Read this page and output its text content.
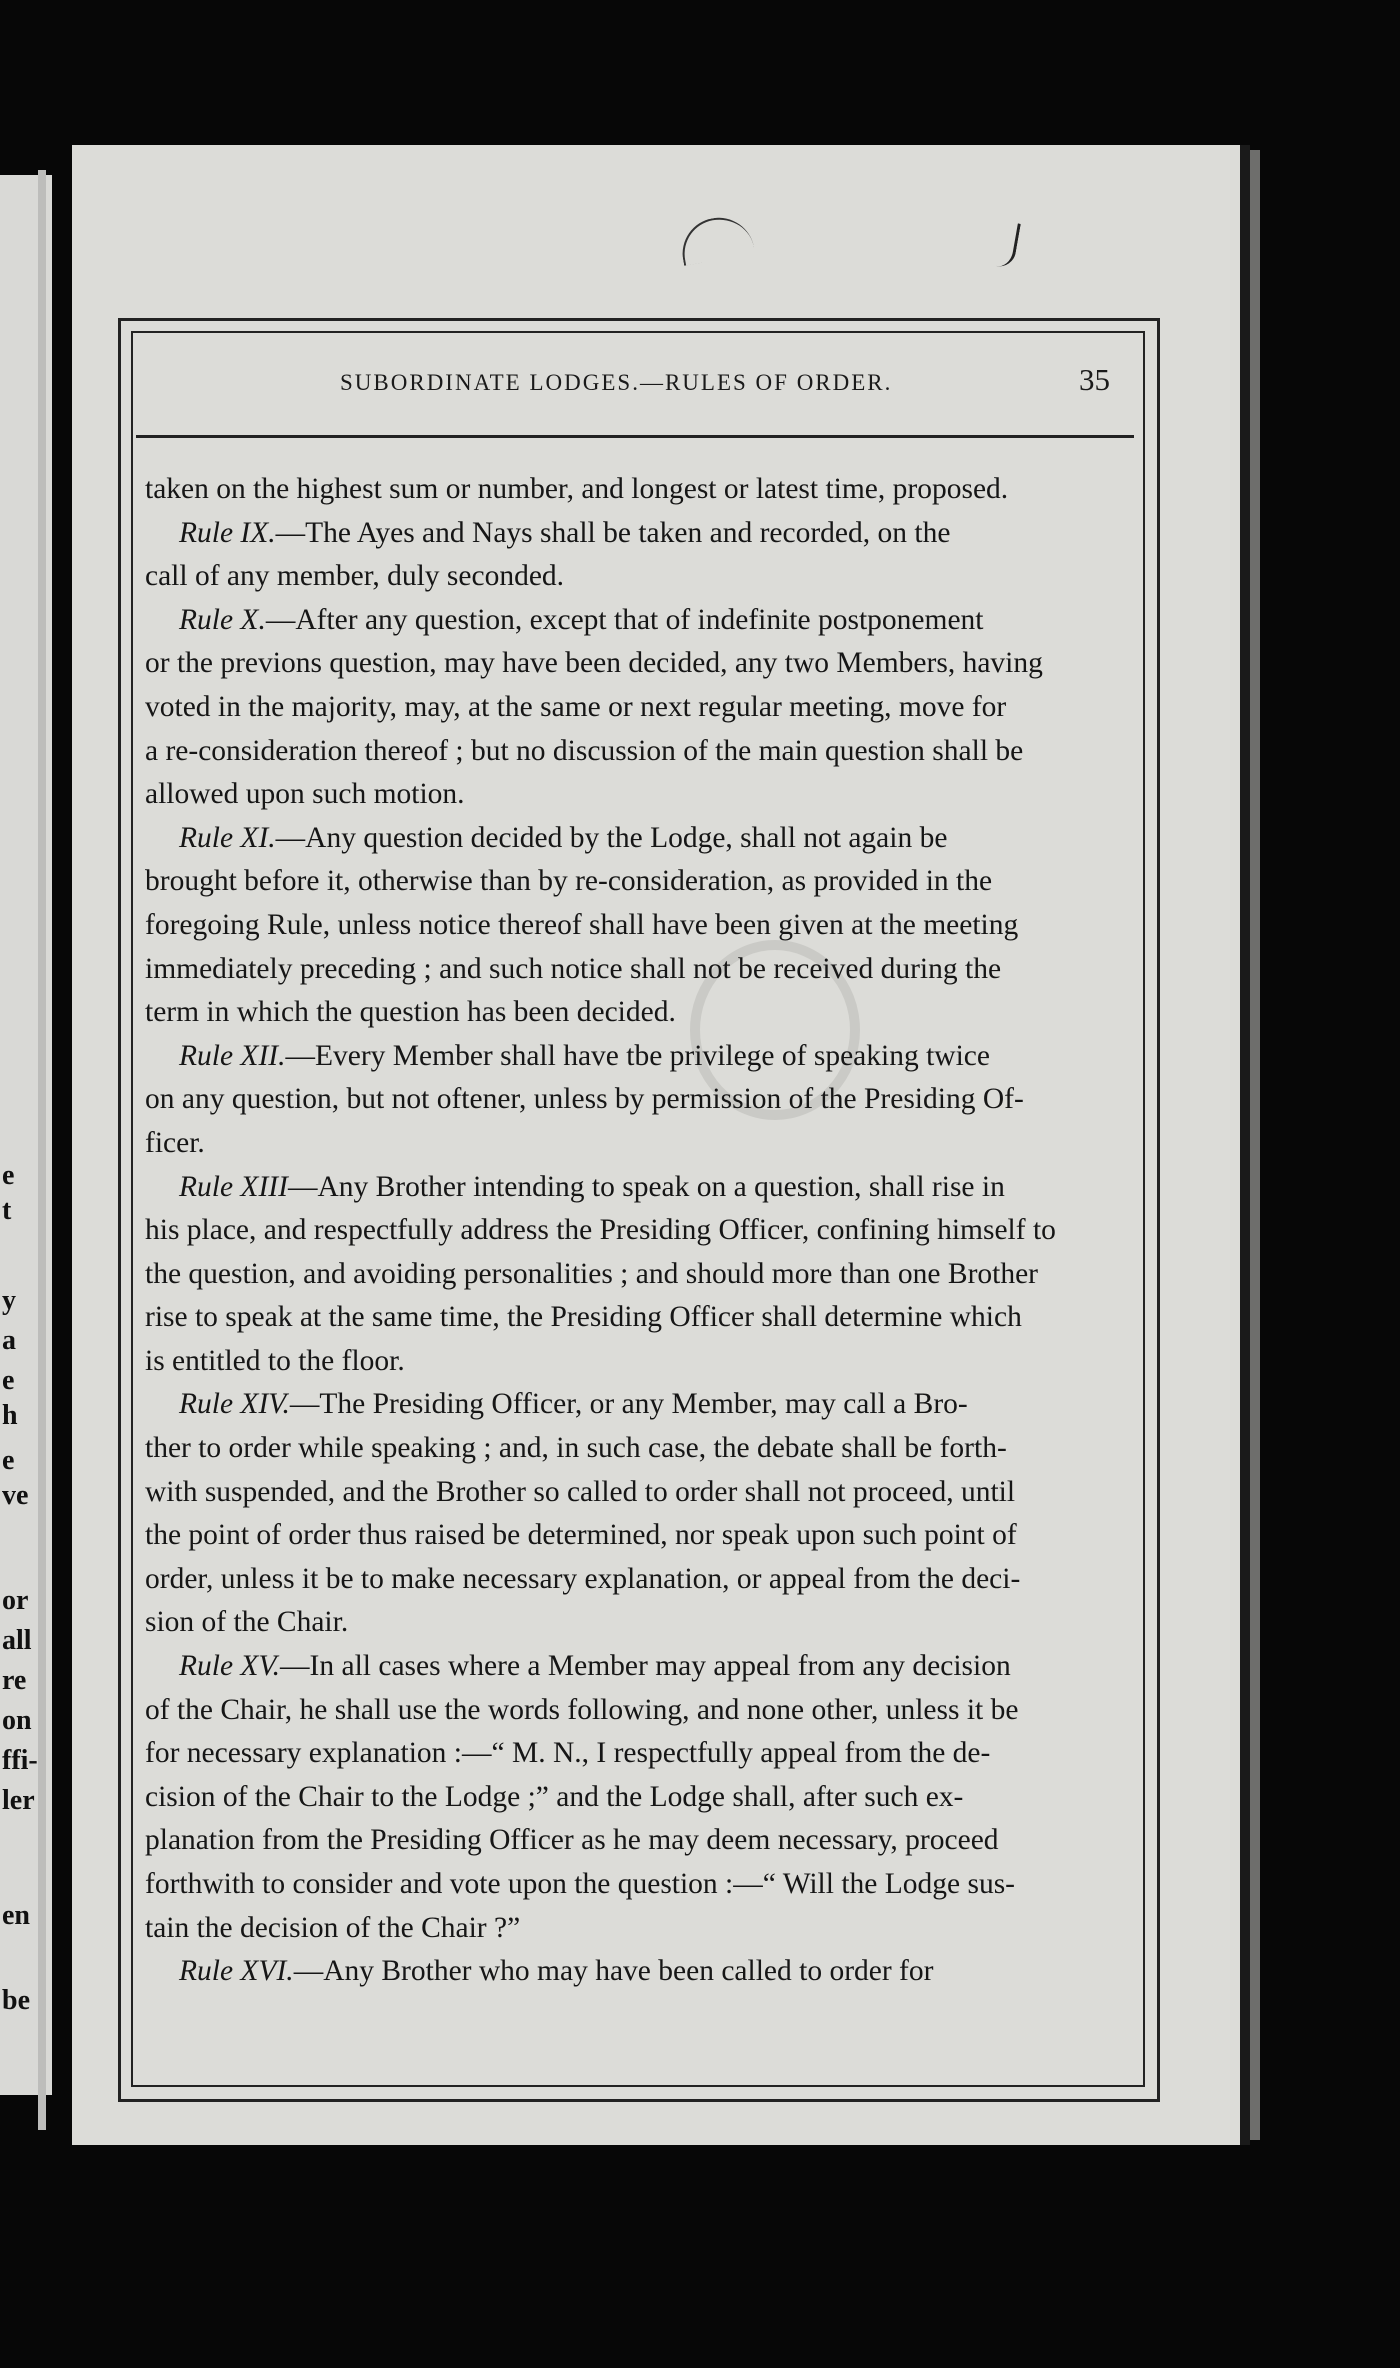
e
t
y
a
e
h
e
ve
or
all
re
on
ffi-
ler
en
be
SUBORDINATE LODGES.—RULES OF ORDER.	35
taken on the highest sum or number, and longest or latest time, proposed.
Rule IX.—The Ayes and Nays shall be taken and recorded, on the
call of any member, duly seconded.
Rule X.—After any question, except that of indefinite postponement
or the previons question, may have been decided, any two Members, having
voted in the majority, may, at the same or next regular meeting, move for
a re-consideration thereof ; but no discussion of the main question shall be
allowed upon such motion.
Rule XI.—Any question decided by the Lodge, shall not again be
brought before it, otherwise than by re-consideration, as provided in the
foregoing Rule, unless notice thereof shall have been given at the meeting
immediately preceding ; and such notice shall not be received during the
term in which the question has been decided.
Rule XII.—Every Member shall have tbe privilege of speaking twice
on any question, but not oftener, unless by permission of the Presiding Of-
ficer.
Rule XIII—Any Brother intending to speak on a question, shall rise in
his place, and respectfully address the Presiding Officer, confining himself to
the question, and avoiding personalities ; and should more than one Brother
rise to speak at the same time, the Presiding Officer shall determine which
is entitled to the floor.
Rule XIV.—The Presiding Officer, or any Member, may call a Bro-
ther to order while speaking ; and, in such case, the debate shall be forth-
with suspended, and the Brother so called to order shall not proceed, until
the point of order thus raised be determined, nor speak upon such point of
order, unless it be to make necessary explanation, or appeal from the deci-
sion of the Chair.
Rule XV.—In all cases where a Member may appeal from any decision
of the Chair, he shall use the words following, and none other, unless it be
for necessary explanation :—“ M. N., I respectfully appeal from the de-
cision of the Chair to the Lodge ;” and the Lodge shall, after such ex-
planation from the Presiding Officer as he may deem necessary, proceed
forthwith to consider and vote upon the question :—“ Will the Lodge sus-
tain the decision of the Chair ?”
Rule XVI.—Any Brother who may have been called to order for
